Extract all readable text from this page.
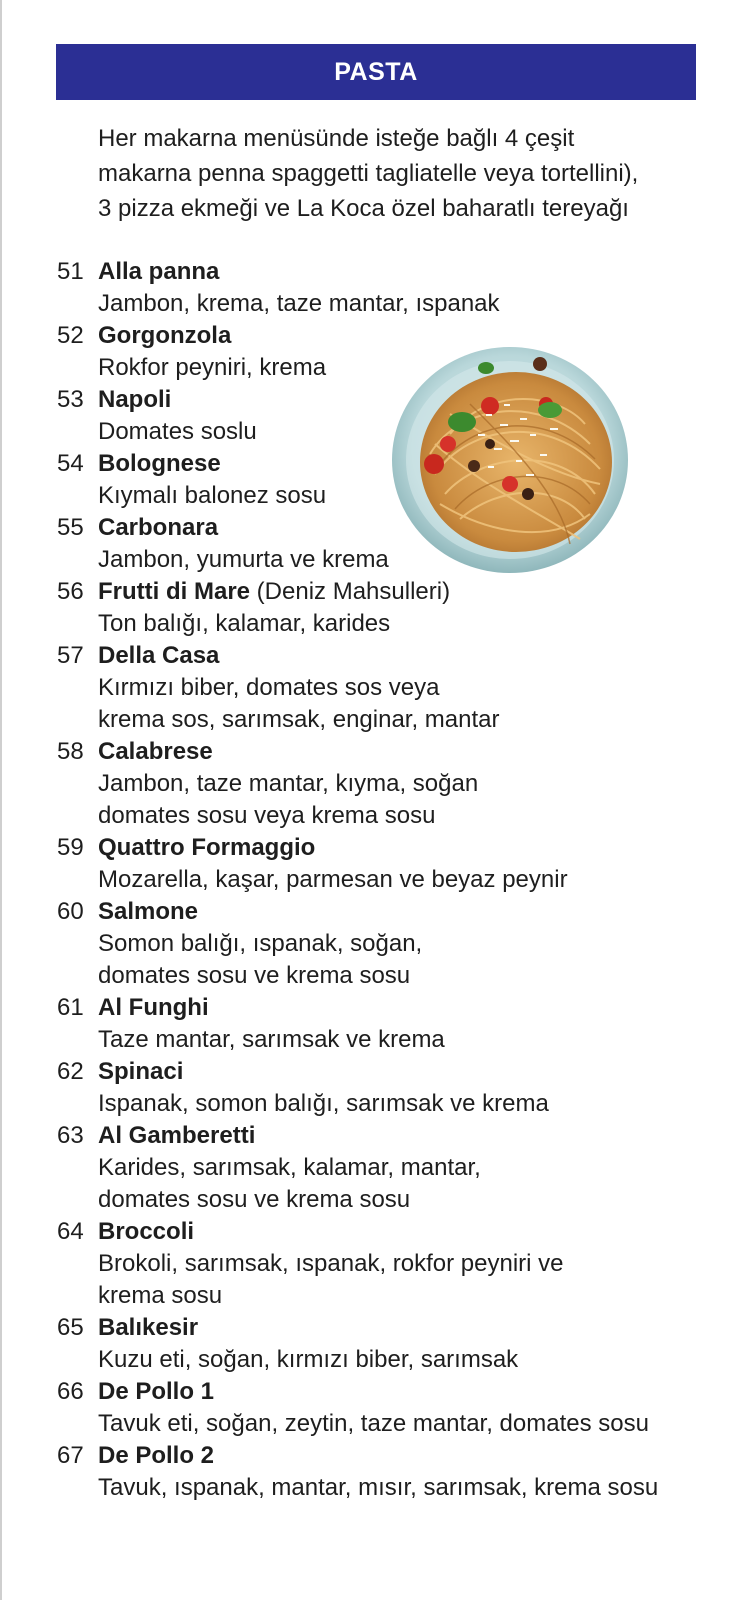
PASTA
Her makarna menüsünde isteğe bağlı 4 çeşit
makarna penna spaggetti tagliatelle veya tortellini),
3 pizza ekmeği ve La Koca özel baharatlı tereyağı
51 Alla panna
Jambon, krema, taze mantar, ıspanak
52 Gorgonzola
Rokfor peyniri, krema
53 Napoli
Domates soslu
54 Bolognese
Kıymalı balonez sosu
55 Carbonara
Jambon, yumurta ve krema
56 Frutti di Mare (Deniz Mahsulleri)
Ton balığı, kalamar, karides
57 Della Casa
Kırmızı biber, domates sos veya
krema sos, sarımsak, enginar, mantar
58 Calabrese
Jambon, taze mantar, kıyma, soğan
domates sosu veya krema sosu
59 Quattro Formaggio
Mozarella, kaşar, parmesan ve beyaz peynir
60 Salmone
Somon balığı, ıspanak, soğan,
domates sosu ve krema sosu
61 Al Funghi
Taze mantar, sarımsak ve krema
62 Spinaci
Ispanak, somon balığı, sarımsak ve krema
63 Al Gamberetti
Karides, sarımsak, kalamar, mantar,
domates sosu ve krema sosu
64 Broccoli
Brokoli, sarımsak, ıspanak, rokfor peyniri ve
krema sosu
65 Balıkesir
Kuzu eti, soğan, kırmızı biber, sarımsak
66 De Pollo 1
Tavuk eti, soğan, zeytin, taze mantar, domates sosu
67 De Pollo 2
Tavuk, ıspanak, mantar, mısır, sarımsak, krema sosu
